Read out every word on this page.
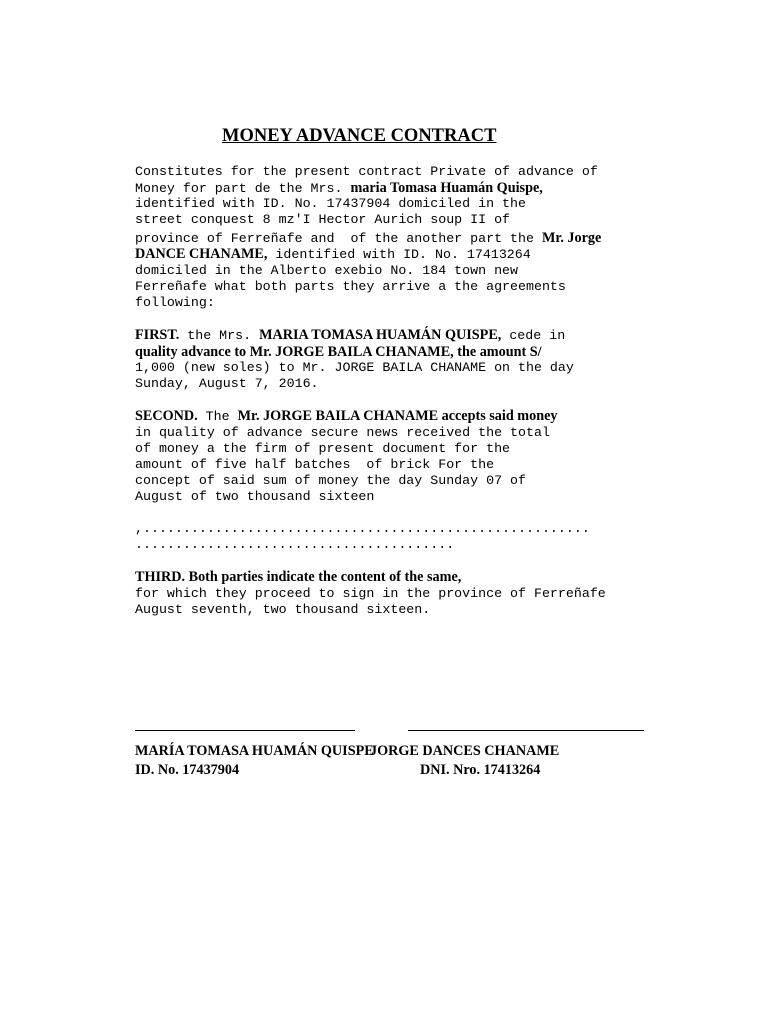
MONEY ADVANCE CONTRACT
Constitutes for the present contract Private of advance of
Money for part de the Mrs. maria Tomasa Huamán Quispe,
identified with ID. No. 17437904 domiciled in the
street conquest 8 mz'I Hector Aurich soup II of
province of Ferreñafe and  of the another part the Mr. Jorge
DANCE CHANAME, identified with ID. No. 17413264
domiciled in the Alberto exebio No. 184 town new
Ferreñafe what both parts they arrive a the agreements
following:
FIRST. the Mrs. MARIA TOMASA HUAMÁN QUISPE, cede in
quality advance to Mr. JORGE BAILA CHANAME, the amount S/
1,000 (new soles) to Mr. JORGE BAILA CHANAME on the day
Sunday, August 7, 2016.
SECOND. The Mr. JORGE BAILA CHANAME accepts said money
in quality of advance secure news received the total
of money a the firm of present document for the
amount of five half batches  of brick For the
concept of said sum of money the day Sunday 07 of
August of two thousand sixteen
,........................................................
........................................
THIRD. Both parties indicate the content of the same,
for which they proceed to sign in the province of Ferreñafe
August seventh, two thousand sixteen.
MARÍA TOMASA HUAMÁN QUISPE
JORGE DANCES CHANAME
ID. No. 17437904	DNI. Nro. 17413264
